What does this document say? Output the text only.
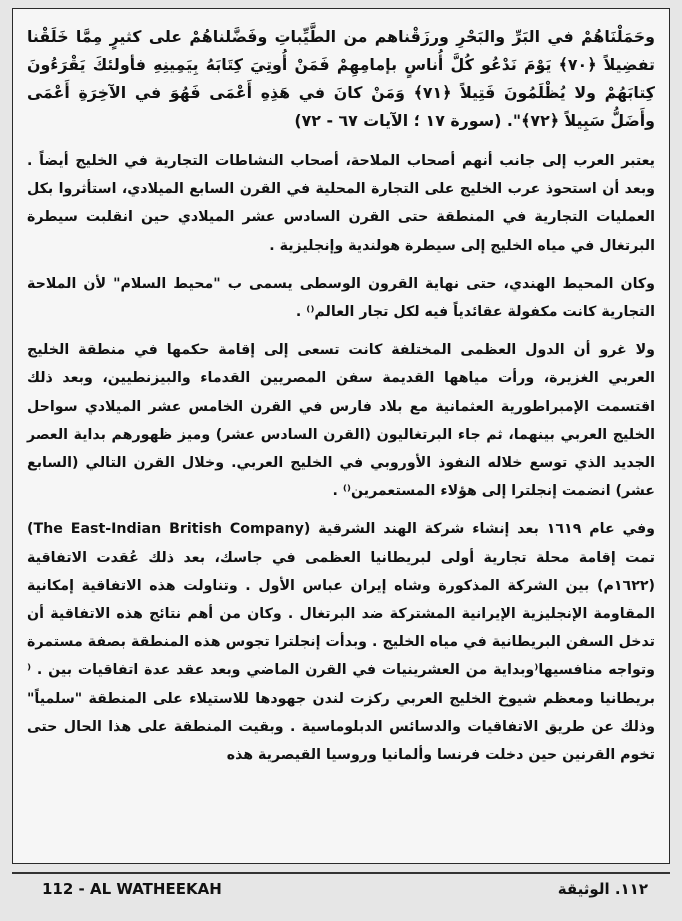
وحَمَلْنَاهُمْ في البَرِّ والبَحْرِ ورزَقْناهم من الطَّيِّباتِ وفَضَّلناهُمْ على كثيرٍ مِمَّا خَلَقْنا تفضِيلاً ﴿٧٠﴾ يَوْمَ نَدْعُو كُلَّ أُناسٍ بإمامِهِمْ فَمَنْ أُوتِيَ كِتَابَهُ بِيَمِينِهِ فأولئكَ يَقْرَءُونَ كِتابَهُمْ ولا يُظْلَمُونَ فَتِيلاً ﴿٧١﴾ وَمَنْ كانَ في هَذِهِ أَعْمَى فَهُوَ في الآخِرَةِ أَعْمَى وأَضَلُّ سَبِيلاً ﴿٧٢﴾". (سورة ١٧ ؛ الآيات ٦٧ - ٧٢)

يعتبر العرب إلى جانب أنهم أصحاب الملاحة، أصحاب النشاطات التجارية في الخليج أيضاً . وبعد أن استحوذ عرب الخليج على التجارة المحلية في القرن السابع الميلادي، استأثروا بكل العمليات التجارية في المنطقة حتى القرن السادس عشر الميلادي حين انقلبت سيطرة البرتغال في مياه الخليج إلى سيطرة هولندية وإنجليزية .

وكان المحيط الهندي، حتى نهاية القرون الوسطى يسمى ب "محيط السلام" لأن الملاحة التجارية كانت مكفولة عقائدياً فيه لكل تجار العالم⁽⁤⁾ .

ولا غرو أن الدول العظمى المختلفة كانت تسعى إلى إقامة حكمها في منطقة الخليج العربي الغزيرة، ورأت مياهها القديمة سفن المصريين القدماء والبيزنطيين، وبعد ذلك اقتسمت الإمبراطورية العثمانية مع بلاد فارس في القرن الخامس عشر الميلادي سواحل الخليج العربي بينهما، ثم جاء البرتغاليون (القرن السادس عشر) وميز ظهورهم بداية العصر الجديد الذي توسع خلاله النفوذ الأوروبي في الخليج العربي. وخلال القرن التالي (السابع عشر) انضمت إنجلترا إلى هؤلاء المستعمرين⁽⁥⁾ .

وفي عام ١٦١٩ بعد إنشاء شركة الهند الشرقية (The East-Indian British Company) تمت إقامة محلة تجارية أولى لبريطانيا العظمى في جاسك، بعد ذلك عُقدت الاتفاقية (١٦٢٢م) بين الشركة المذكورة وشاه إيران عباس الأول . وتناولت هذه الاتفاقية إمكانية المقاومة الإنجليزية الإيرانية المشتركة ضد البرتغال . وكان من أهم نتائج هذه الاتفاقية أن تدخل السفن البريطانية في مياه الخليج . وبدأت إنجلترا تجوس هذه المنطقة بصفة مستمرة وتواجه منافسيها⁽⁦⁾ . وبداية من العشرينيات في القرن الماضي وبعد عقد عدة اتفاقيات بين بريطانيا ومعظم شيوخ الخليج العربي ركزت لندن جهودها للاستيلاء على المنطقة "سلمياً" وذلك عن طريق الاتفاقيات والدسائس الدبلوماسية . وبقيت المنطقة على هذا الحال حتى تخوم القرنين حين دخلت فرنسا وألمانيا وروسيا القيصرية هذه

112 - AL WATHEEKAH	١١٢. الوثيقة
